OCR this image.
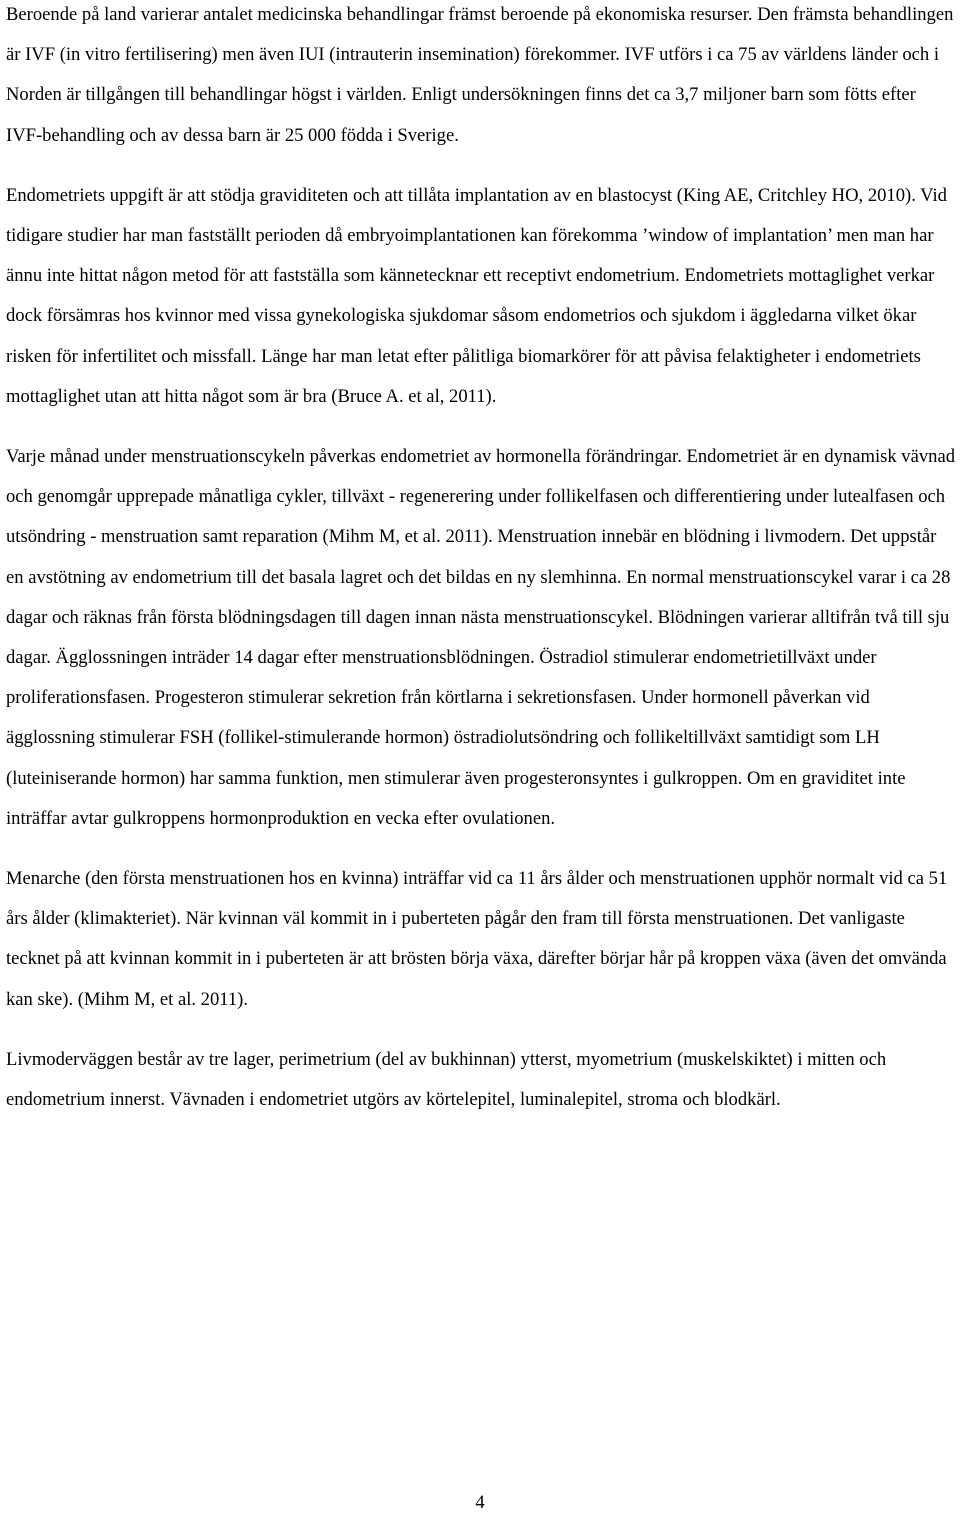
Beroende på land varierar antalet medicinska behandlingar främst beroende på ekonomiska resurser. Den främsta behandlingen är IVF (in vitro fertilisering) men även IUI (intrauterin insemination) förekommer. IVF utförs i ca 75 av världens länder och i Norden är tillgången till behandlingar högst i världen. Enligt undersökningen finns det ca 3,7 miljoner barn som fötts efter IVF-behandling och av dessa barn är 25 000 födda i Sverige.

Endometriets uppgift är att stödja graviditeten och att tillåta implantation av en blastocyst (King AE, Critchley HO, 2010). Vid tidigare studier har man fastställt perioden då embryoimplantationen kan förekomma ’window of implantation’ men man har ännu inte hittat någon metod för att fastställa som kännetecknar ett receptivt endometrium. Endometriets mottaglighet verkar dock försämras hos kvinnor med vissa gynekologiska sjukdomar såsom endometrios och sjukdom i äggledarna vilket ökar risken för infertilitet och missfall. Länge har man letat efter pålitliga biomarkörer för att påvisa felaktigheter i endometriets mottaglighet utan att hitta något som är bra (Bruce A. et al, 2011).

Varje månad under menstruationscykeln påverkas endometriet av hormonella förändringar. Endometriet är en dynamisk vävnad och genomgår upprepade månatliga cykler, tillväxt - regenerering under follikelfasen och differentiering under lutealfasen och utsöndring - menstruation samt reparation (Mihm M, et al. 2011). Menstruation innebär en blödning i livmodern. Det uppstår en avstötning av endometrium till det basala lagret och det bildas en ny slemhinna. En normal menstruationscykel varar i ca 28 dagar och räknas från första blödningsdagen till dagen innan nästa menstruationscykel. Blödningen varierar alltifrån två till sju dagar. Ägglossningen inträder 14 dagar efter menstruationsblödningen. Östradiol stimulerar endometrietillväxt under proliferationsfasen. Progesteron stimulerar sekretion från körtlarna i sekretionsfasen. Under hormonell påverkan vid ägglossning stimulerar FSH (follikel-stimulerande hormon) östradiolutsöndring och follikeltillväxt samtidigt som LH (luteiniserande hormon) har samma funktion, men stimulerar även progesteronsyntes i gulkroppen. Om en graviditet inte inträffar avtar gulkroppens hormonproduktion en vecka efter ovulationen.

Menarche (den första menstruationen hos en kvinna) inträffar vid ca 11 års ålder och menstruationen upphör normalt vid ca 51 års ålder (klimakteriet). När kvinnan väl kommit in i puberteten pågår den fram till första menstruationen. Det vanligaste tecknet på att kvinnan kommit in i puberteten är att brösten börja växa, därefter börjar hår på kroppen växa (även det omvända kan ske). (Mihm M, et al. 2011).

Livmoderväggen består av tre lager, perimetrium (del av bukhinnan) ytterst, myometrium (muskelskiktet) i mitten och endometrium innerst. Vävnaden i endometriet utgörs av körtelepitel, luminalepitel, stroma och blodkärl.

4
